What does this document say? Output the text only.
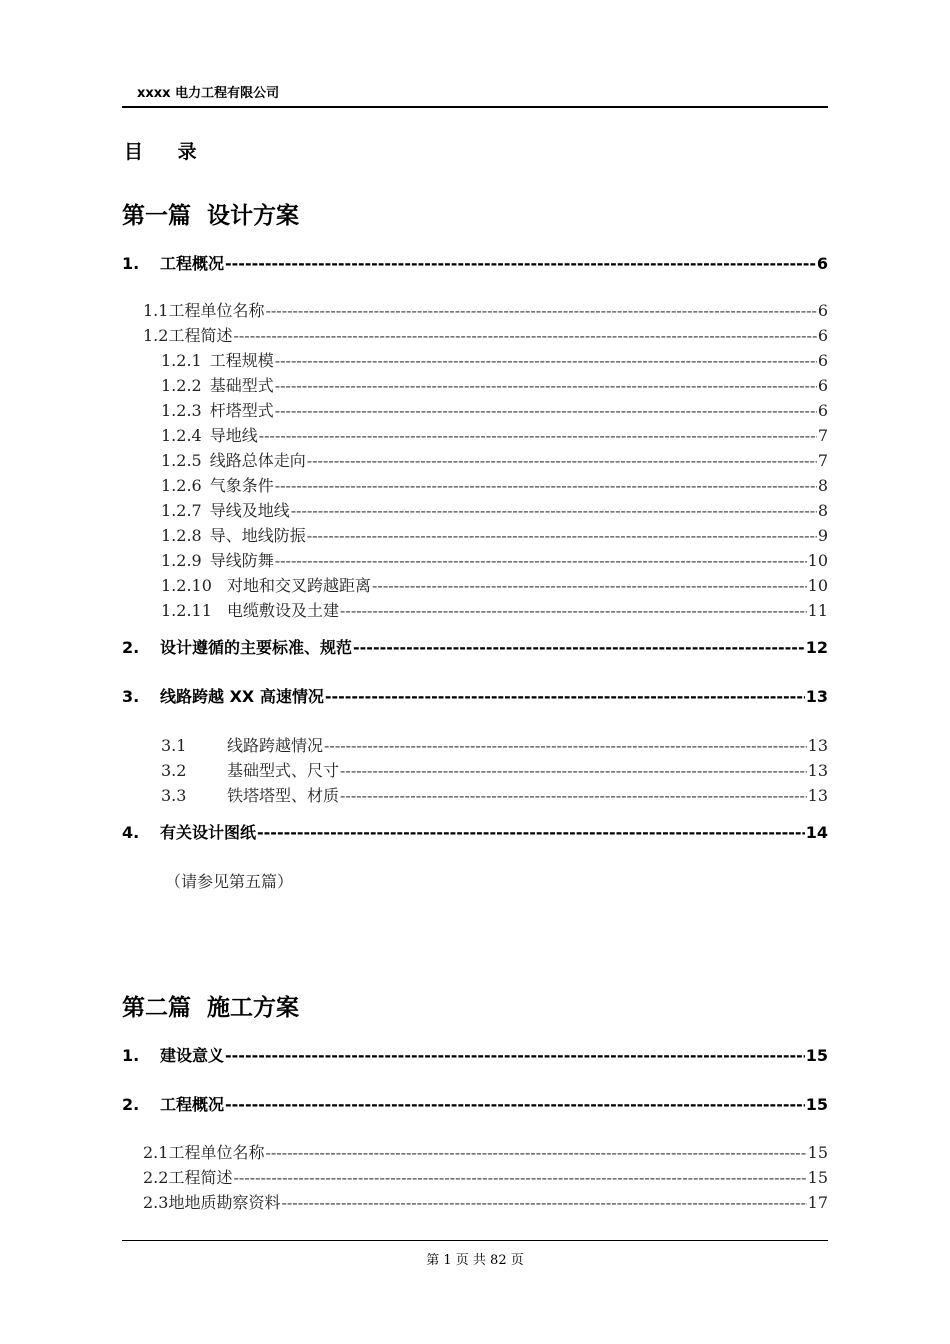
xxxx 电力工程有限公司
目 录
第一篇  设计方案
1.	工程概况 -----	6
1.1 工程单位名称 -----	6
1.2 工程简述 -----	6
1.2.1 工程规模 -----	6
1.2.2 基础型式 -----	6
1.2.3 杆塔型式 -----	6
1.2.4 导地线 -----	7
1.2.5 线路总体走向 -----	7
1.2.6 气象条件 -----	8
1.2.7 导线及地线 -----	8
1.2.8 导、地线防振 -----	9
1.2.9 导线防舞 -----	10
1.2.10 对地和交叉跨越距离 -----	10
1.2.11 电缆敷设及土建 -----	11
2.	设计遵循的主要标准、规范 -----	12
3.	线路跨越 XX 高速情况 -----	13
3.1	线路跨越情况 -----	13
3.2	基础型式、尺寸 -----	13
3.3	铁塔塔型、材质 -----	13
4.	有关设计图纸 -----	14
（请参见第五篇）
第二篇  施工方案
1.	建设意义 -----	15
2.	工程概况 -----	15
2.1 工程单位名称 -----	15
2.2 工程简述 -----	15
2.3 地地质勘察资料 -----	17
第 1 页 共 82 页
